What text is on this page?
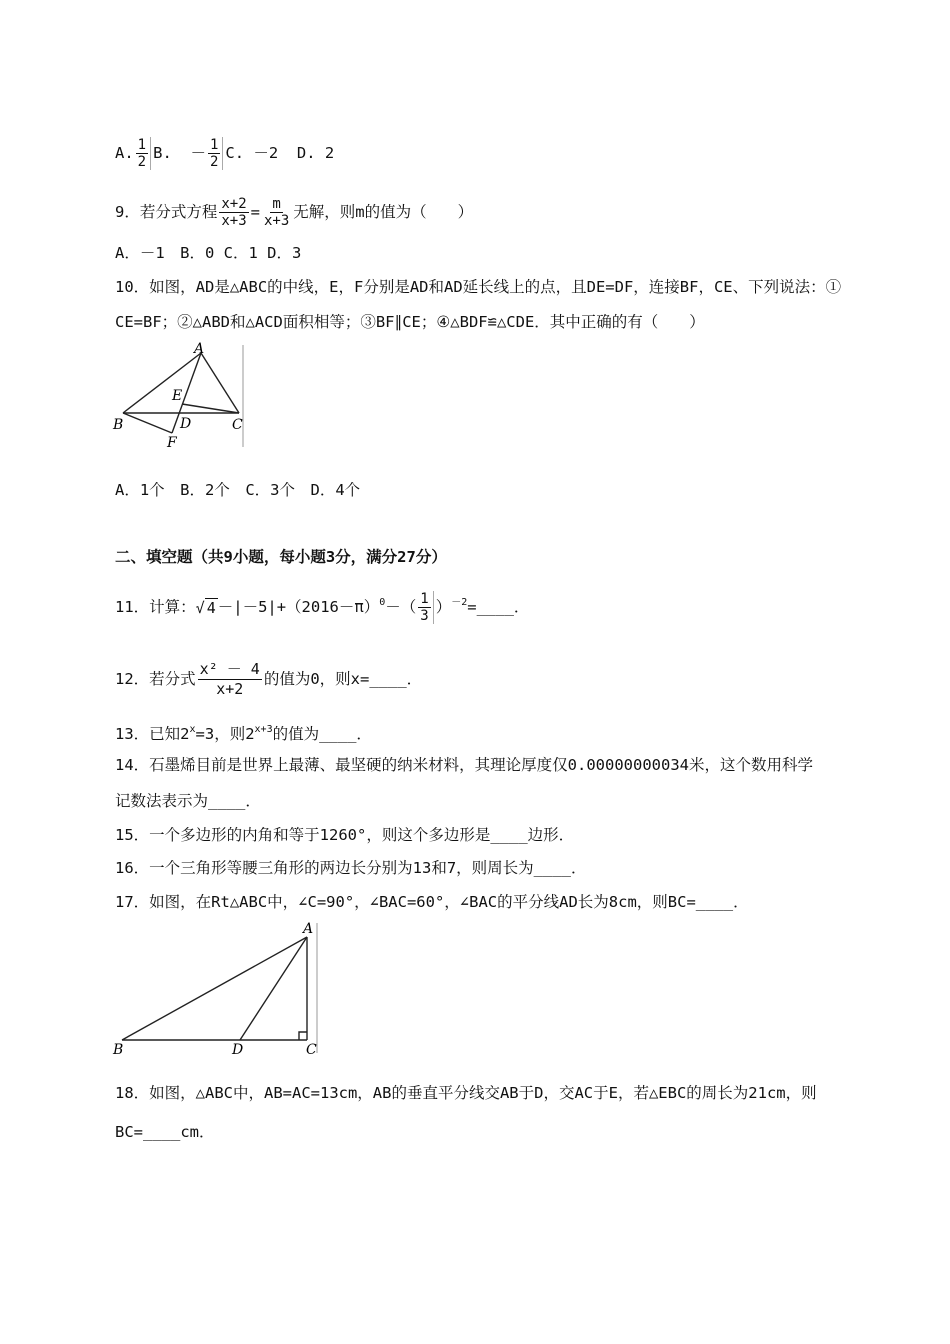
A. $\frac{1}{2} B$. － $\frac{1}{2} C$. －2 D. 2
9．若分式方程 $\frac{x+2}{x+3} = \frac{m}{x+3}$ 无解，则m的值为（　　）
A．－1　B．0 C．1 D．3
10．如图，AD是△ABC的中线，E，F分别是AD和AD延长线上的点，且DE=DF，连接BF，CE、下列说法：①
CE=BF；②△ABD和△ACD面积相等；③BF∥CE；④△BDF≌△CDE．其中正确的有（　　）
A
E
B	D	C
F
A．1个　B．2个　C．3个　D．4个
二、填空题（共9小题，每小题3分，满分27分）
11．计算：√ $4 -|-5|+(2016-\pi)^0-( \frac{1}{3}$ ）$^{-2}=\_\_\_\_$．
12．若分式 $\frac{\text{x² － 4}}{x+2}$ 的值为0，则x=____．
13．已知$2^x=3$，则$2^{x+3}$的值为____．
14．石墨烯目前是世界上最薄、最坚硬的纳米材料，其理论厚度仅0.00000000034米，这个数用科学
记数法表示为____．
15．一个多边形的内角和等于1260°，则这个多边形是____边形．
16．一个三角形等腰三角形的两边长分别为13和7，则周长为____．
17．如图，在Rt△ABC中，∠C=90°，∠BAC=60°，∠BAC的平分线AD长为8cm，则BC=____．
A
B	D	C
18．如图，△ABC中，AB=AC=13cm，AB的垂直平分线交AB于D，交AC于E，若△EBC的周长为21cm，则
BC=____cm．
